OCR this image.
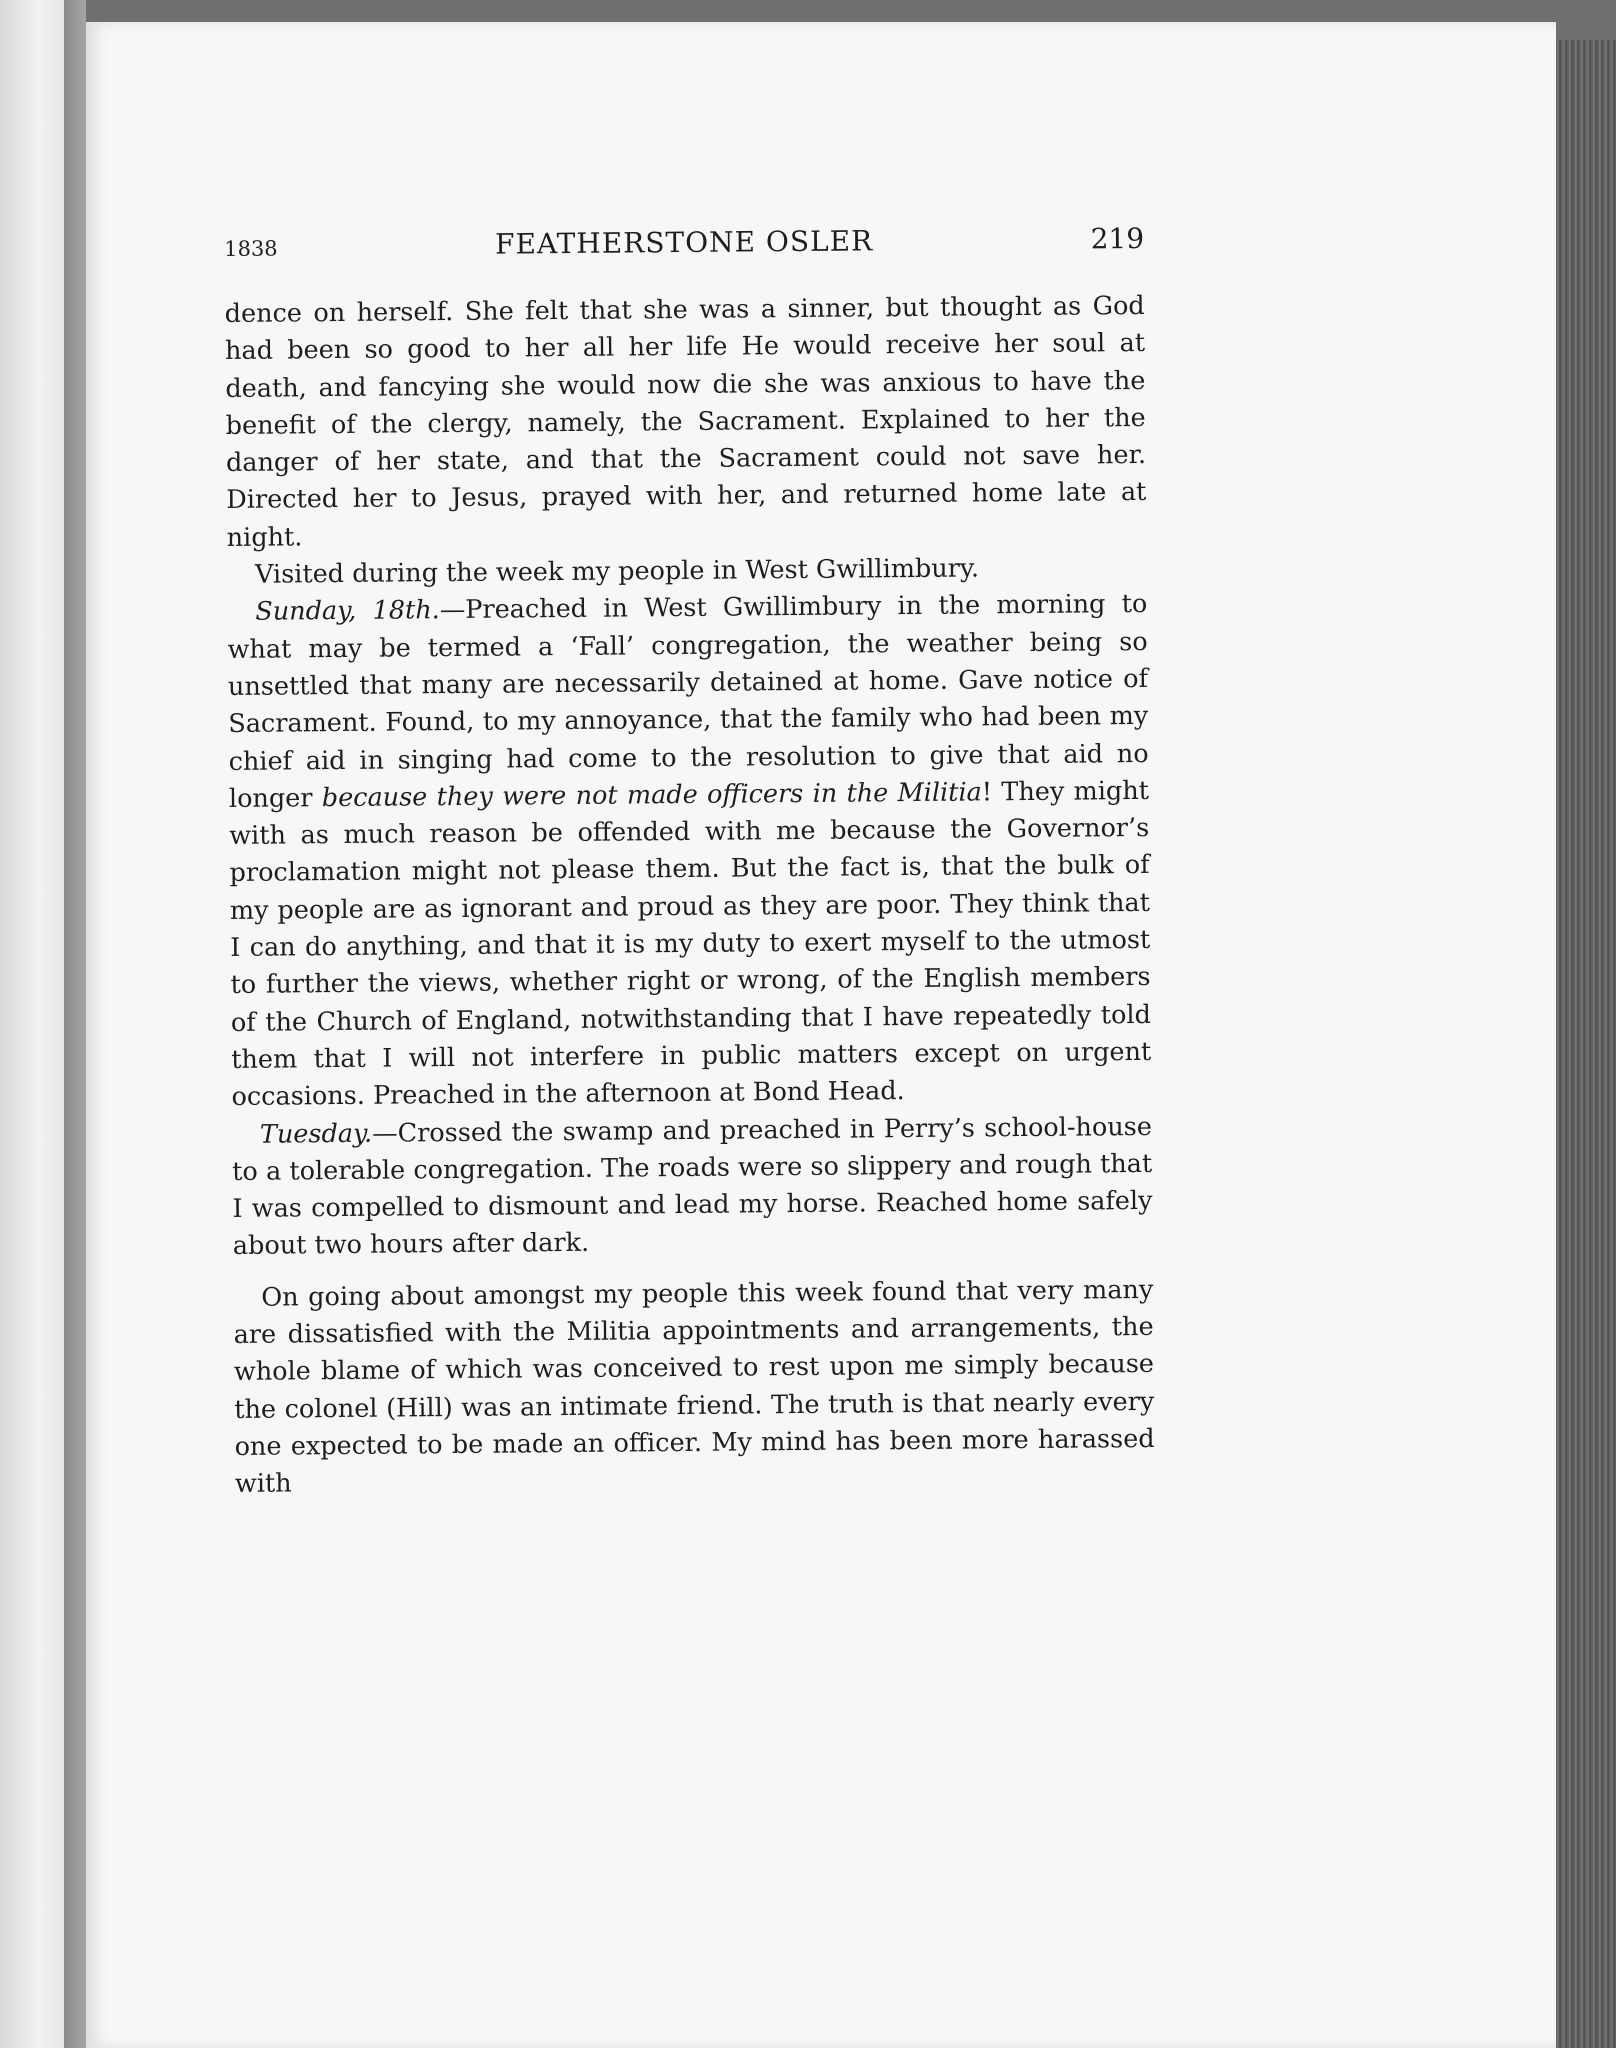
1838	FEATHERSTONE OSLER	219

dence on herself. She felt that she was a sinner, but thought as God had been so good to her all her life He would receive her soul at death, and fancying she would now die she was anxious to have the benefit of the clergy, namely, the Sacrament. Explained to her the danger of her state, and that the Sacrament could not save her. Directed her to Jesus, prayed with her, and returned home late at night.

Visited during the week my people in West Gwillimbury.

Sunday, 18th.—Preached in West Gwillimbury in the morning to what may be termed a ‘Fall’ congregation, the weather being so unsettled that many are necessarily detained at home. Gave notice of Sacrament. Found, to my annoyance, that the family who had been my chief aid in singing had come to the resolution to give that aid no longer because they were not made officers in the Militia! They might with as much reason be offended with me because the Governor’s proclamation might not please them. But the fact is, that the bulk of my people are as ignorant and proud as they are poor. They think that I can do anything, and that it is my duty to exert myself to the utmost to further the views, whether right or wrong, of the English members of the Church of England, notwithstanding that I have repeatedly told them that I will not interfere in public matters except on urgent occasions. Preached in the afternoon at Bond Head.

Tuesday.—Crossed the swamp and preached in Perry’s school-house to a tolerable congregation. The roads were so slippery and rough that I was compelled to dismount and lead my horse. Reached home safely about two hours after dark.

On going about amongst my people this week found that very many are dissatisfied with the Militia appointments and arrangements, the whole blame of which was conceived to rest upon me simply because the colonel (Hill) was an intimate friend. The truth is that nearly every one expected to be made an officer. My mind has been more harassed with
